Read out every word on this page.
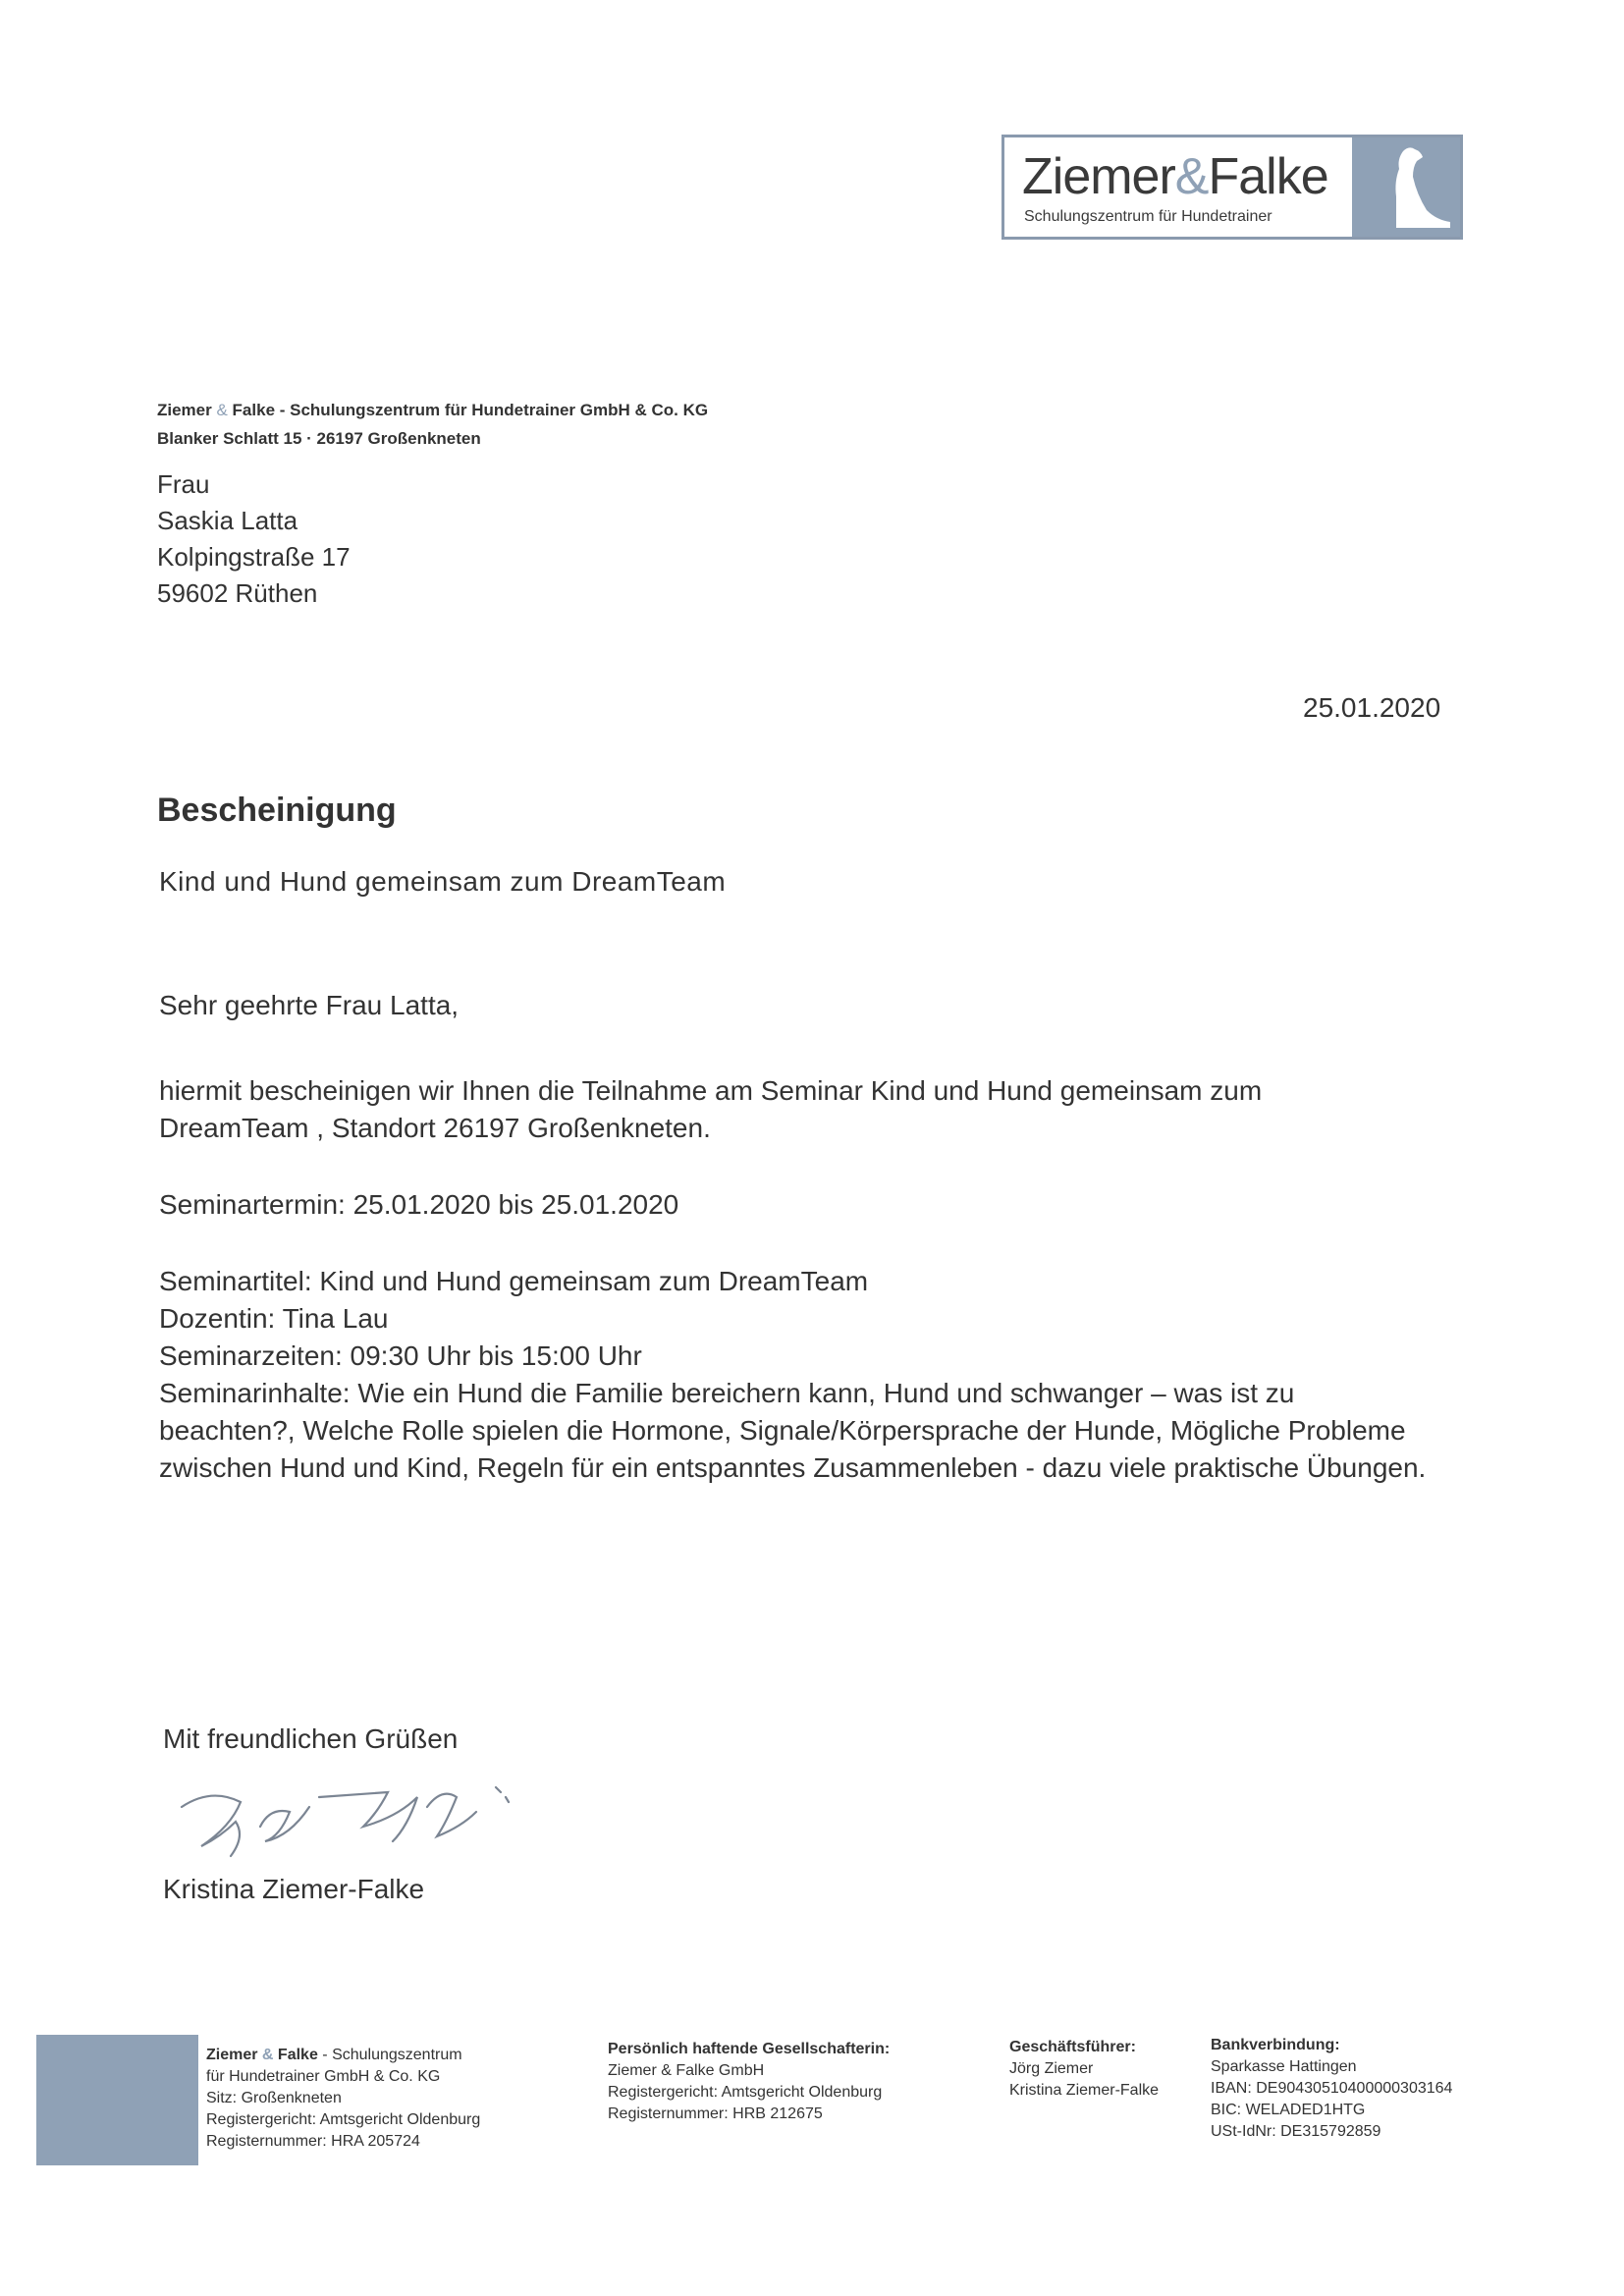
Ziemer&Falke
Schulungszentrum für Hundetrainer
Ziemer & Falke - Schulungszentrum für Hundetrainer GmbH & Co. KG
Blanker Schlatt 15 · 26197 Großenkneten
Frau
Saskia Latta
Kolpingstraße 17
59602 Rüthen
25.01.2020
Bescheinigung
Kind und Hund gemeinsam zum DreamTeam
Sehr geehrte Frau Latta,
hiermit bescheinigen wir Ihnen die Teilnahme am Seminar Kind und Hund gemeinsam zum
DreamTeam , Standort 26197 Großenkneten.
Seminartermin: 25.01.2020 bis 25.01.2020
Seminartitel: Kind und Hund gemeinsam zum DreamTeam
Dozentin: Tina Lau
Seminarzeiten: 09:30 Uhr bis 15:00 Uhr
Seminarinhalte: Wie ein Hund die Familie bereichern kann, Hund und schwanger – was ist zu
beachten?, Welche Rolle spielen die Hormone, Signale/Körpersprache der Hunde, Mögliche Probleme
zwischen Hund und Kind, Regeln für ein entspanntes Zusammenleben - dazu viele praktische Übungen.
Mit freundlichen Grüßen
Kristina Ziemer-Falke
Ziemer & Falke - Schulungszentrum
für Hundetrainer GmbH & Co. KG
Sitz: Großenkneten
Registergericht: Amtsgericht Oldenburg
Registernummer: HRA 205724
Persönlich haftende Gesellschafterin:
Ziemer & Falke GmbH
Registergericht: Amtsgericht Oldenburg
Registernummer: HRB 212675
Geschäftsführer:
Jörg Ziemer
Kristina Ziemer-Falke
Bankverbindung:
Sparkasse Hattingen
IBAN: DE90430510400000303164
BIC: WELADED1HTG
USt-IdNr: DE315792859
